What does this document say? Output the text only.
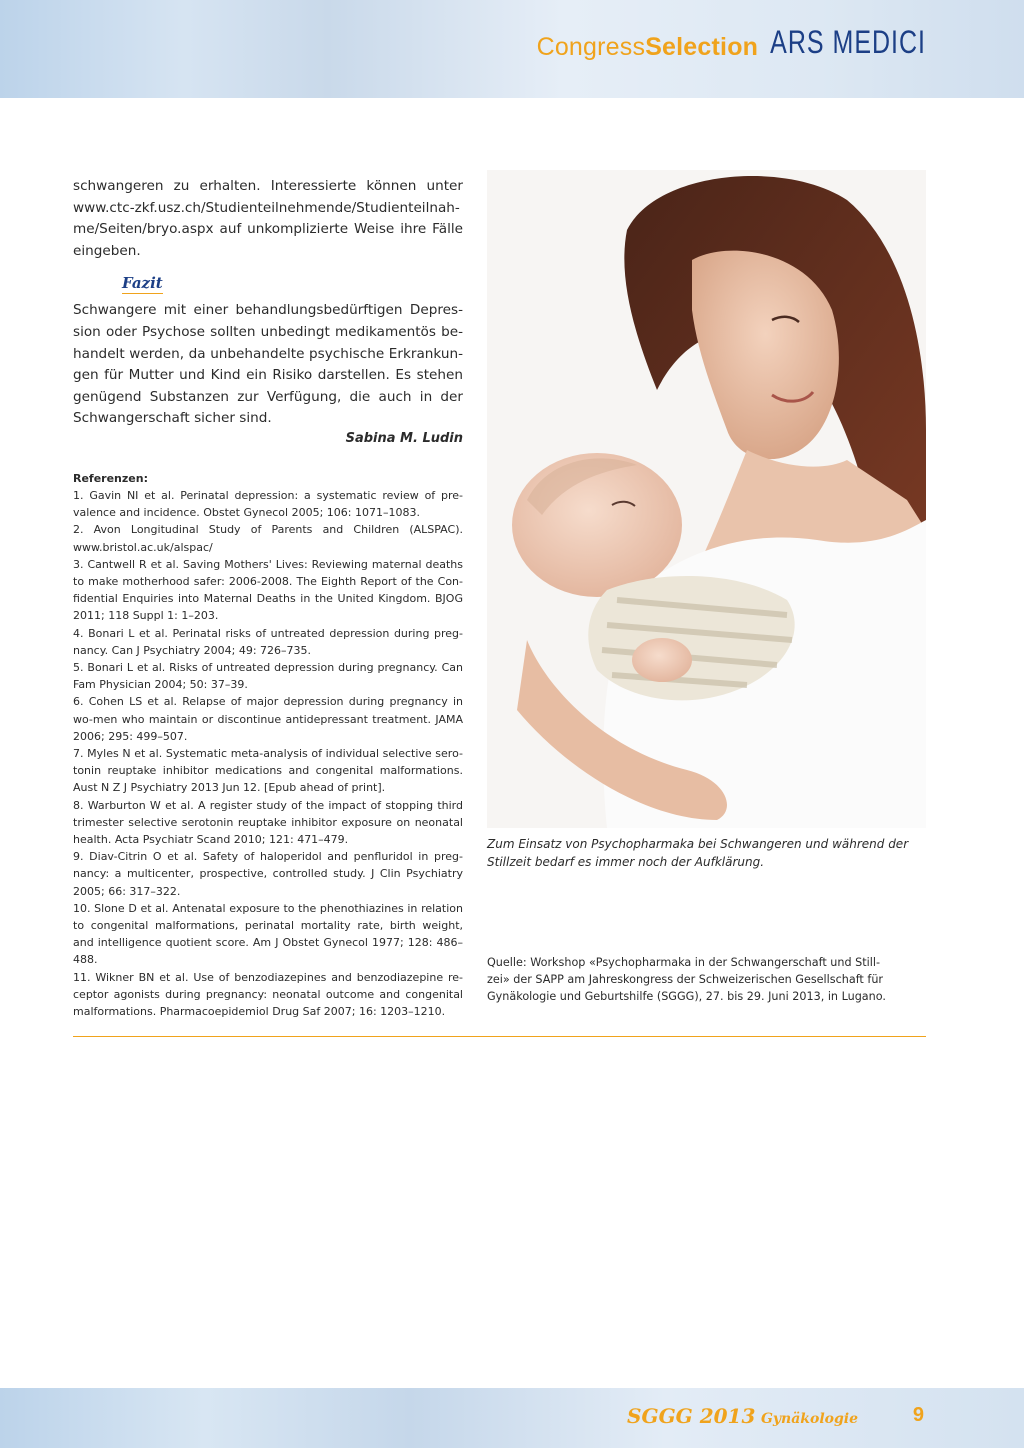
CongressSelection ARS MEDICI

schwangeren zu erhalten. Interessierte können unter www.ctc-zkf.usz.ch/Studienteilnehmende/Studienteilnah-me/Seiten/bryo.aspx auf unkomplizierte Weise ihre Fälle eingeben.

Fazit

Schwangere mit einer behandlungsbedürftigen Depres-sion oder Psychose sollten unbedingt medikamentös be-handelt werden, da unbehandelte psychische Erkrankun-gen für Mutter und Kind ein Risiko darstellen. Es stehen genügend Substanzen zur Verfügung, die auch in der Schwangerschaft sicher sind.

Sabina M. Ludin

Referenzen:
1. Gavin NI et al. Perinatal depression: a systematic review of pre-valence and incidence. Obstet Gynecol 2005; 106: 1071–1083.
2. Avon Longitudinal Study of Parents and Children (ALSPAC). www.bristol.ac.uk/alspac/
3. Cantwell R et al. Saving Mothers' Lives: Reviewing maternal deaths to make motherhood safer: 2006-2008. The Eighth Report of the Con-fidential Enquiries into Maternal Deaths in the United Kingdom. BJOG 2011; 118 Suppl 1: 1–203.
4. Bonari L et al. Perinatal risks of untreated depression during preg-nancy. Can J Psychiatry 2004; 49: 726–735.
5. Bonari L et al. Risks of untreated depression during pregnancy. Can Fam Physician 2004; 50: 37–39.
6. Cohen LS et al. Relapse of major depression during pregnancy in wo-men who maintain or discontinue antidepressant treatment. JAMA 2006; 295: 499–507.
7. Myles N et al. Systematic meta-analysis of individual selective sero-tonin reuptake inhibitor medications and congenital malformations. Aust N Z J Psychiatry 2013 Jun 12. [Epub ahead of print].
8. Warburton W et al. A register study of the impact of stopping third trimester selective serotonin reuptake inhibitor exposure on neonatal health. Acta Psychiatr Scand 2010; 121: 471–479.
9. Diav-Citrin O et al. Safety of haloperidol and penfluridol in preg-nancy: a multicenter, prospective, controlled study. J Clin Psychiatry 2005; 66: 317–322.
10. Slone D et al. Antenatal exposure to the phenothiazines in relation to congenital malformations, perinatal mortality rate, birth weight, and intelligence quotient score. Am J Obstet Gynecol 1977; 128: 486–488.
11. Wikner BN et al. Use of benzodiazepines and benzodiazepine re-ceptor agonists during pregnancy: neonatal outcome and congenital malformations. Pharmacoepidemiol Drug Saf 2007; 16: 1203–1210.

Zum Einsatz von Psychopharmaka bei Schwangeren und während der Stillzeit bedarf es immer noch der Aufklärung.

Quelle: Workshop «Psychopharmaka in der Schwangerschaft und Still-zei» der SAPP am Jahreskongress der Schweizerischen Gesellschaft für Gynäkologie und Geburtshilfe (SGGG), 27. bis 29. Juni 2013, in Lugano.

SGGG 2013 Gynäkologie	9
